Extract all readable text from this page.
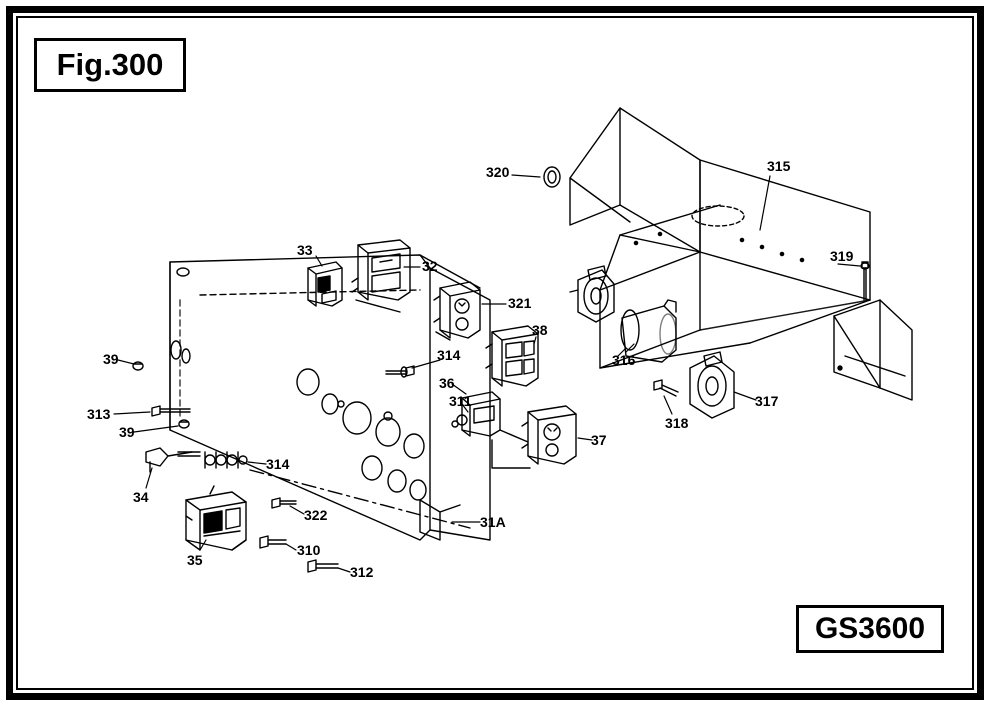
Fig.300
GS3600
320	315
319
33
32
321
38
316
314
39
36
317
311
313
318
39	37
314
34
322	31A
35
310
312
